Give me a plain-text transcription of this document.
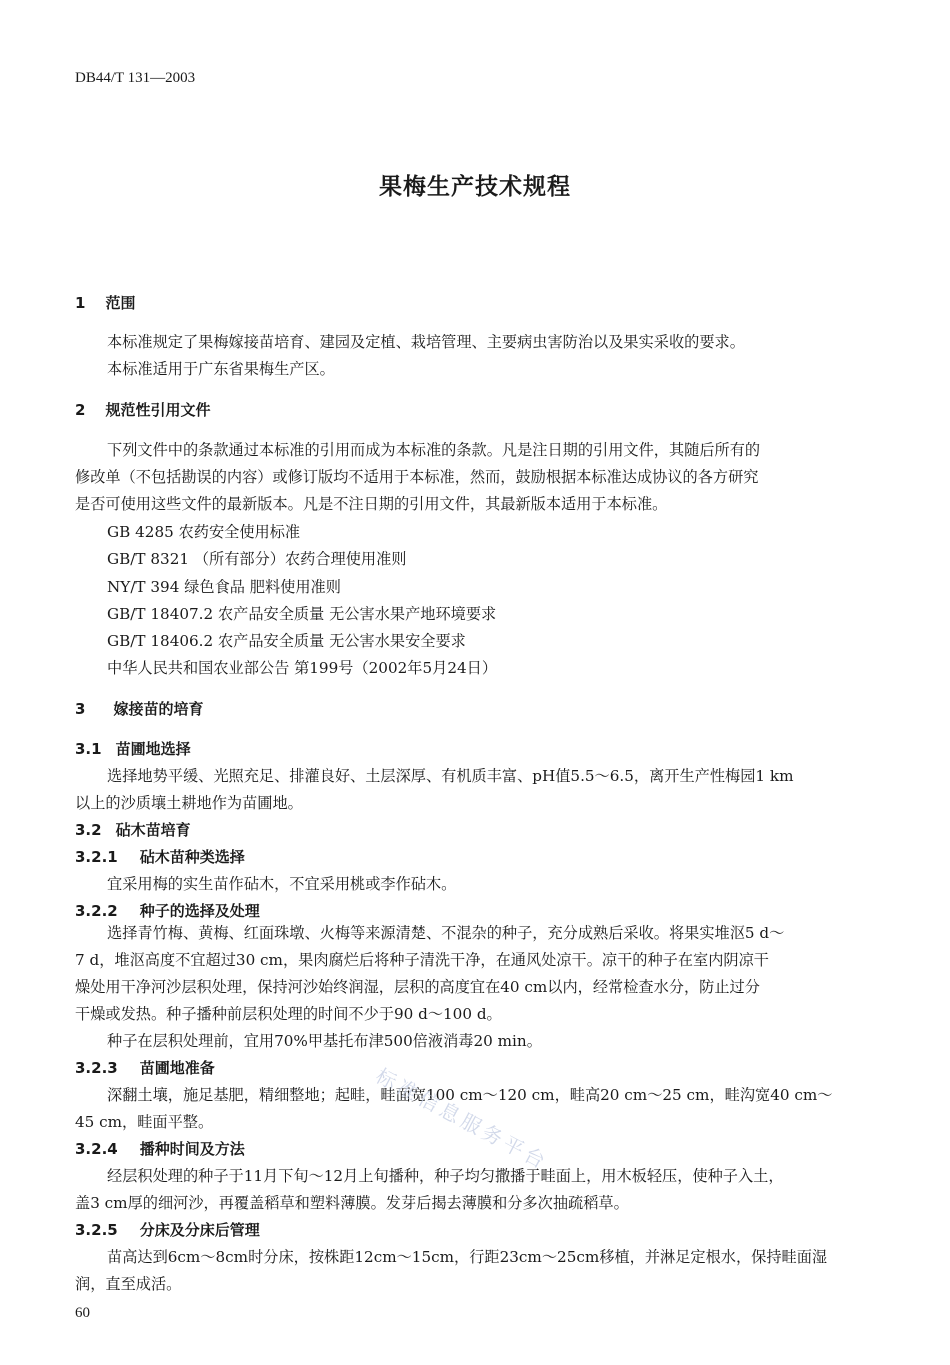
DB44/T 131—2003
果梅生产技术规程
1 范围
本标准规定了果梅嫁接苗培育、建园及定植、栽培管理、主要病虫害防治以及果实采收的要求。
本标准适用于广东省果梅生产区。
2 规范性引用文件
下列文件中的条款通过本标准的引用而成为本标准的条款。凡是注日期的引用文件，其随后所有的
修改单（不包括勘误的内容）或修订版均不适用于本标准，然而，鼓励根据本标准达成协议的各方研究
是否可使用这些文件的最新版本。凡是不注日期的引用文件，其最新版本适用于本标准。
GB 4285 农药安全使用标准
GB/T 8321 （所有部分）农药合理使用准则
NY/T 394 绿色食品 肥料使用准则
GB/T 18407.2 农产品安全质量 无公害水果产地环境要求
GB/T 18406.2 农产品安全质量 无公害水果安全要求
中华人民共和国农业部公告 第199号（2002年5月24日）
3 嫁接苗的培育
3.1 苗圃地选择
选择地势平缓、光照充足、排灌良好、土层深厚、有机质丰富、pH值5.5～6.5，离开生产性梅园1 km
以上的沙质壤土耕地作为苗圃地。
3.2 砧木苗培育
3.2.1 砧木苗种类选择
宜采用梅的实生苗作砧木，不宜采用桃或李作砧木。
3.2.2 种子的选择及处理
选择青竹梅、黄梅、红面珠墩、火梅等来源清楚、不混杂的种子，充分成熟后采收。将果实堆沤5 d～
7 d，堆沤高度不宜超过30 cm，果肉腐烂后将种子清洗干净，在通风处凉干。凉干的种子在室内阴凉干
燥处用干净河沙层积处理，保持河沙始终润湿，层积的高度宜在40 cm以内，经常检查水分，防止过分
干燥或发热。种子播种前层积处理的时间不少于90 d～100 d。
种子在层积处理前，宜用70%甲基托布津500倍液消毒20 min。
3.2.3 苗圃地准备
深翻土壤，施足基肥，精细整地；起畦，畦面宽100 cm～120 cm，畦高20 cm～25 cm，畦沟宽40 cm～
45 cm，畦面平整。
3.2.4 播种时间及方法
经层积处理的种子于11月下旬～12月上旬播种，种子均匀撒播于畦面上，用木板轻压，使种子入土，
盖3 cm厚的细河沙，再覆盖稻草和塑料薄膜。发芽后揭去薄膜和分多次抽疏稻草。
3.2.5 分床及分床后管理
苗高达到6cm～8cm时分床，按株距12cm～15cm，行距23cm～25cm移植，并淋足定根水，保持畦面湿
润，直至成活。
标准信息服务平台
60
